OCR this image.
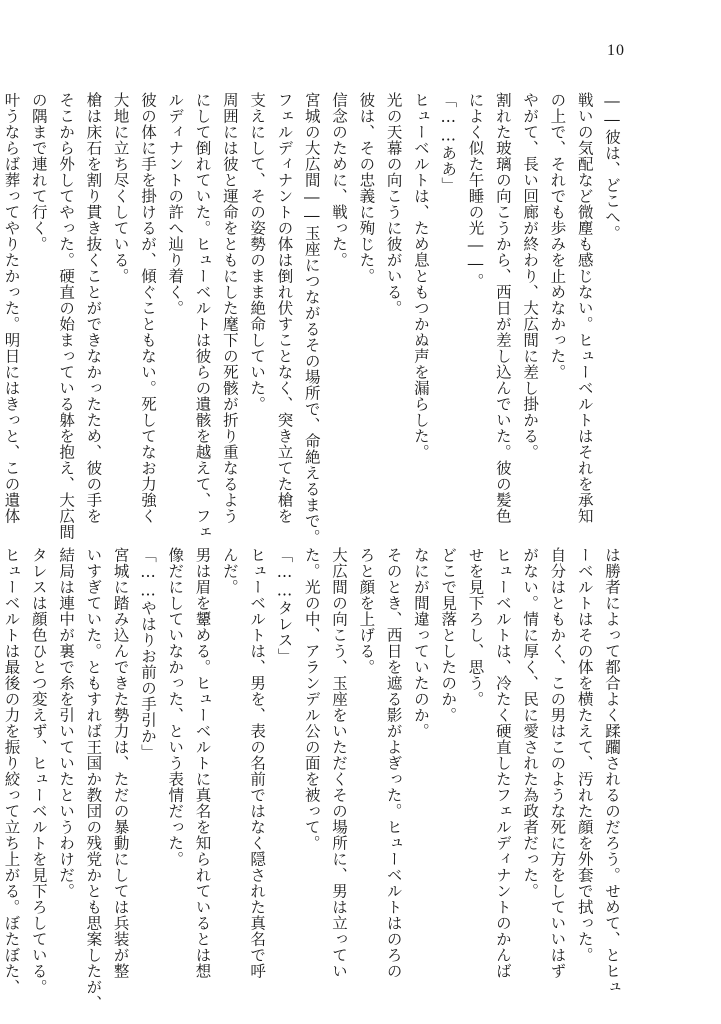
10
――彼は、どこへ。
戦いの気配など微塵も感じない。ヒューベルトはそれを承知
の上で、それでも歩みを止めなかった。
やがて、長い回廊が終わり、大広間に差し掛かる。
割れた玻璃の向こうから、西日が差し込んでいた。彼の髪色
によく似た午睡の光――。
「……ああ」
ヒューベルトは、ため息ともつかぬ声を漏らした。
光の天幕の向こうに彼がいる。
彼は、その忠義に殉じた。
信念のために、戦った。
宮城の大広間――玉座につながるその場所で、命絶えるまで。
フェルディナントの体は倒れ伏すことなく、突き立てた槍を
支えにして、その姿勢のまま絶命していた。
周囲には彼と運命をともにした麾下の死骸が折り重なるよう
にして倒れていた。ヒューベルトは彼らの遺骸を越えて、フェ
ルディナントの許へ辿り着く。
彼の体に手を掛けるが、傾ぐこともない。死してなお力強く
大地に立ち尽くしている。
槍は床石を割り貫き抜くことができなかったため、彼の手を
そこから外してやった。硬直の始まっている躰を抱え、大広間
の隅まで連れて行く。
叶うならば葬ってやりたかった。明日にはきっと、この遺体
は勝者によって都合よく蹂躙されるのだろう。せめて、とヒュ
ーベルトはその体を横たえて、汚れた顔を外套で拭った。
自分はともかく、この男はこのような死に方をしていいはず
がない。情に厚く、民に愛された為政者だった。
ヒューベルトは、冷たく硬直したフェルディナントのかんば
せを見下ろし、思う。
どこで見落としたのか。
なにが間違っていたのか。
そのとき、西日を遮る影がよぎった。ヒューベルトはのろの
ろと顔を上げる。
大広間の向こう、玉座をいただくその場所に、男は立ってい
た。光の中、アランデル公の面を被って。
「……タレス」
ヒューベルトは、男を、表の名前ではなく隠された真名で呼
んだ。
男は眉を顰める。ヒューベルトに真名を知られているとは想
像だにしていなかった、という表情だった。
「……やはりお前の手引か」
宮城に踏み込んできた勢力は、ただの暴動にしては兵装が整
いすぎていた。ともすれば王国か教団の残党かとも思案したが、
結局は連中が裏で糸を引いていたというわけだ。
タレスは顔色ひとつ変えず、ヒューベルトを見下ろしている。
ヒューベルトは最後の力を振り絞って立ち上がる。ぼたぼた、
